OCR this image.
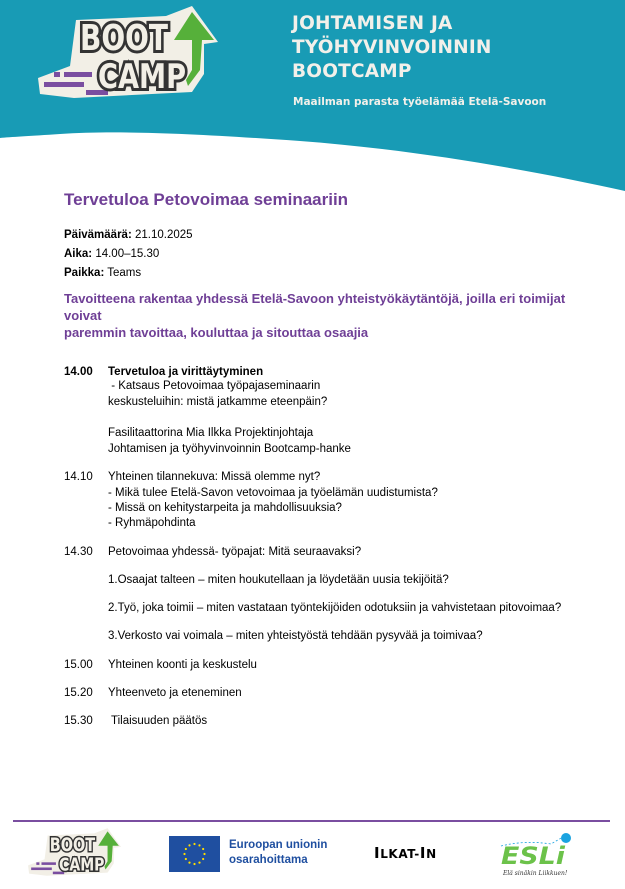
BOOT
CAMP
JOHTAMISEN JA
TYÖHYVINVOINNIN
BOOTCAMP
Maailman parasta työelämää Etelä-Savoon
Tervetuloa Petovoimaa seminaariin
Päivämäärä: 21.10.2025
Aika: 14.00–15.30
Paikka: Teams
Tavoitteena rakentaa yhdessä Etelä-Savoon yhteistyökäytäntöjä, joilla eri toimijat voivat
paremmin tavoittaa, kouluttaa ja sitouttaa osaajia
14.00 Tervetuloa ja virittäytyminen
- Katsaus Petovoimaa työpajaseminaarin
keskusteluihin: mistä jatkamme eteenpäin?
Fasilitaattorina Mia Ilkka Projektinjohtaja
Johtamisen ja työhyvinvoinnin Bootcamp-hanke
14.10 Yhteinen tilannekuva: Missä olemme nyt?
- Mikä tulee Etelä-Savon vetovoimaa ja työelämän uudistumista?
- Missä on kehitystarpeita ja mahdollisuuksia?
- Ryhmäpohdinta
14.30 Petovoimaa yhdessä- työpajat: Mitä seuraavaksi?
1.Osaajat talteen – miten houkutellaan ja löydetään uusia tekijöitä?
2.Työ, joka toimii – miten vastataan työntekijöiden odotuksiin ja vahvistetaan pitovoimaa?
3.Verkosto vai voimala – miten yhteistyöstä tehdään pysyvää ja toimivaa?
15.00 Yhteinen koonti ja keskustelu
15.20 Yhteenveto ja eteneminen
15.30 Tilaisuuden päätös
BOOT
CAMP
Euroopan unionin
osarahoittama	ILKAT-IN	ESLi
Elä sinäkin Liikkuen!
